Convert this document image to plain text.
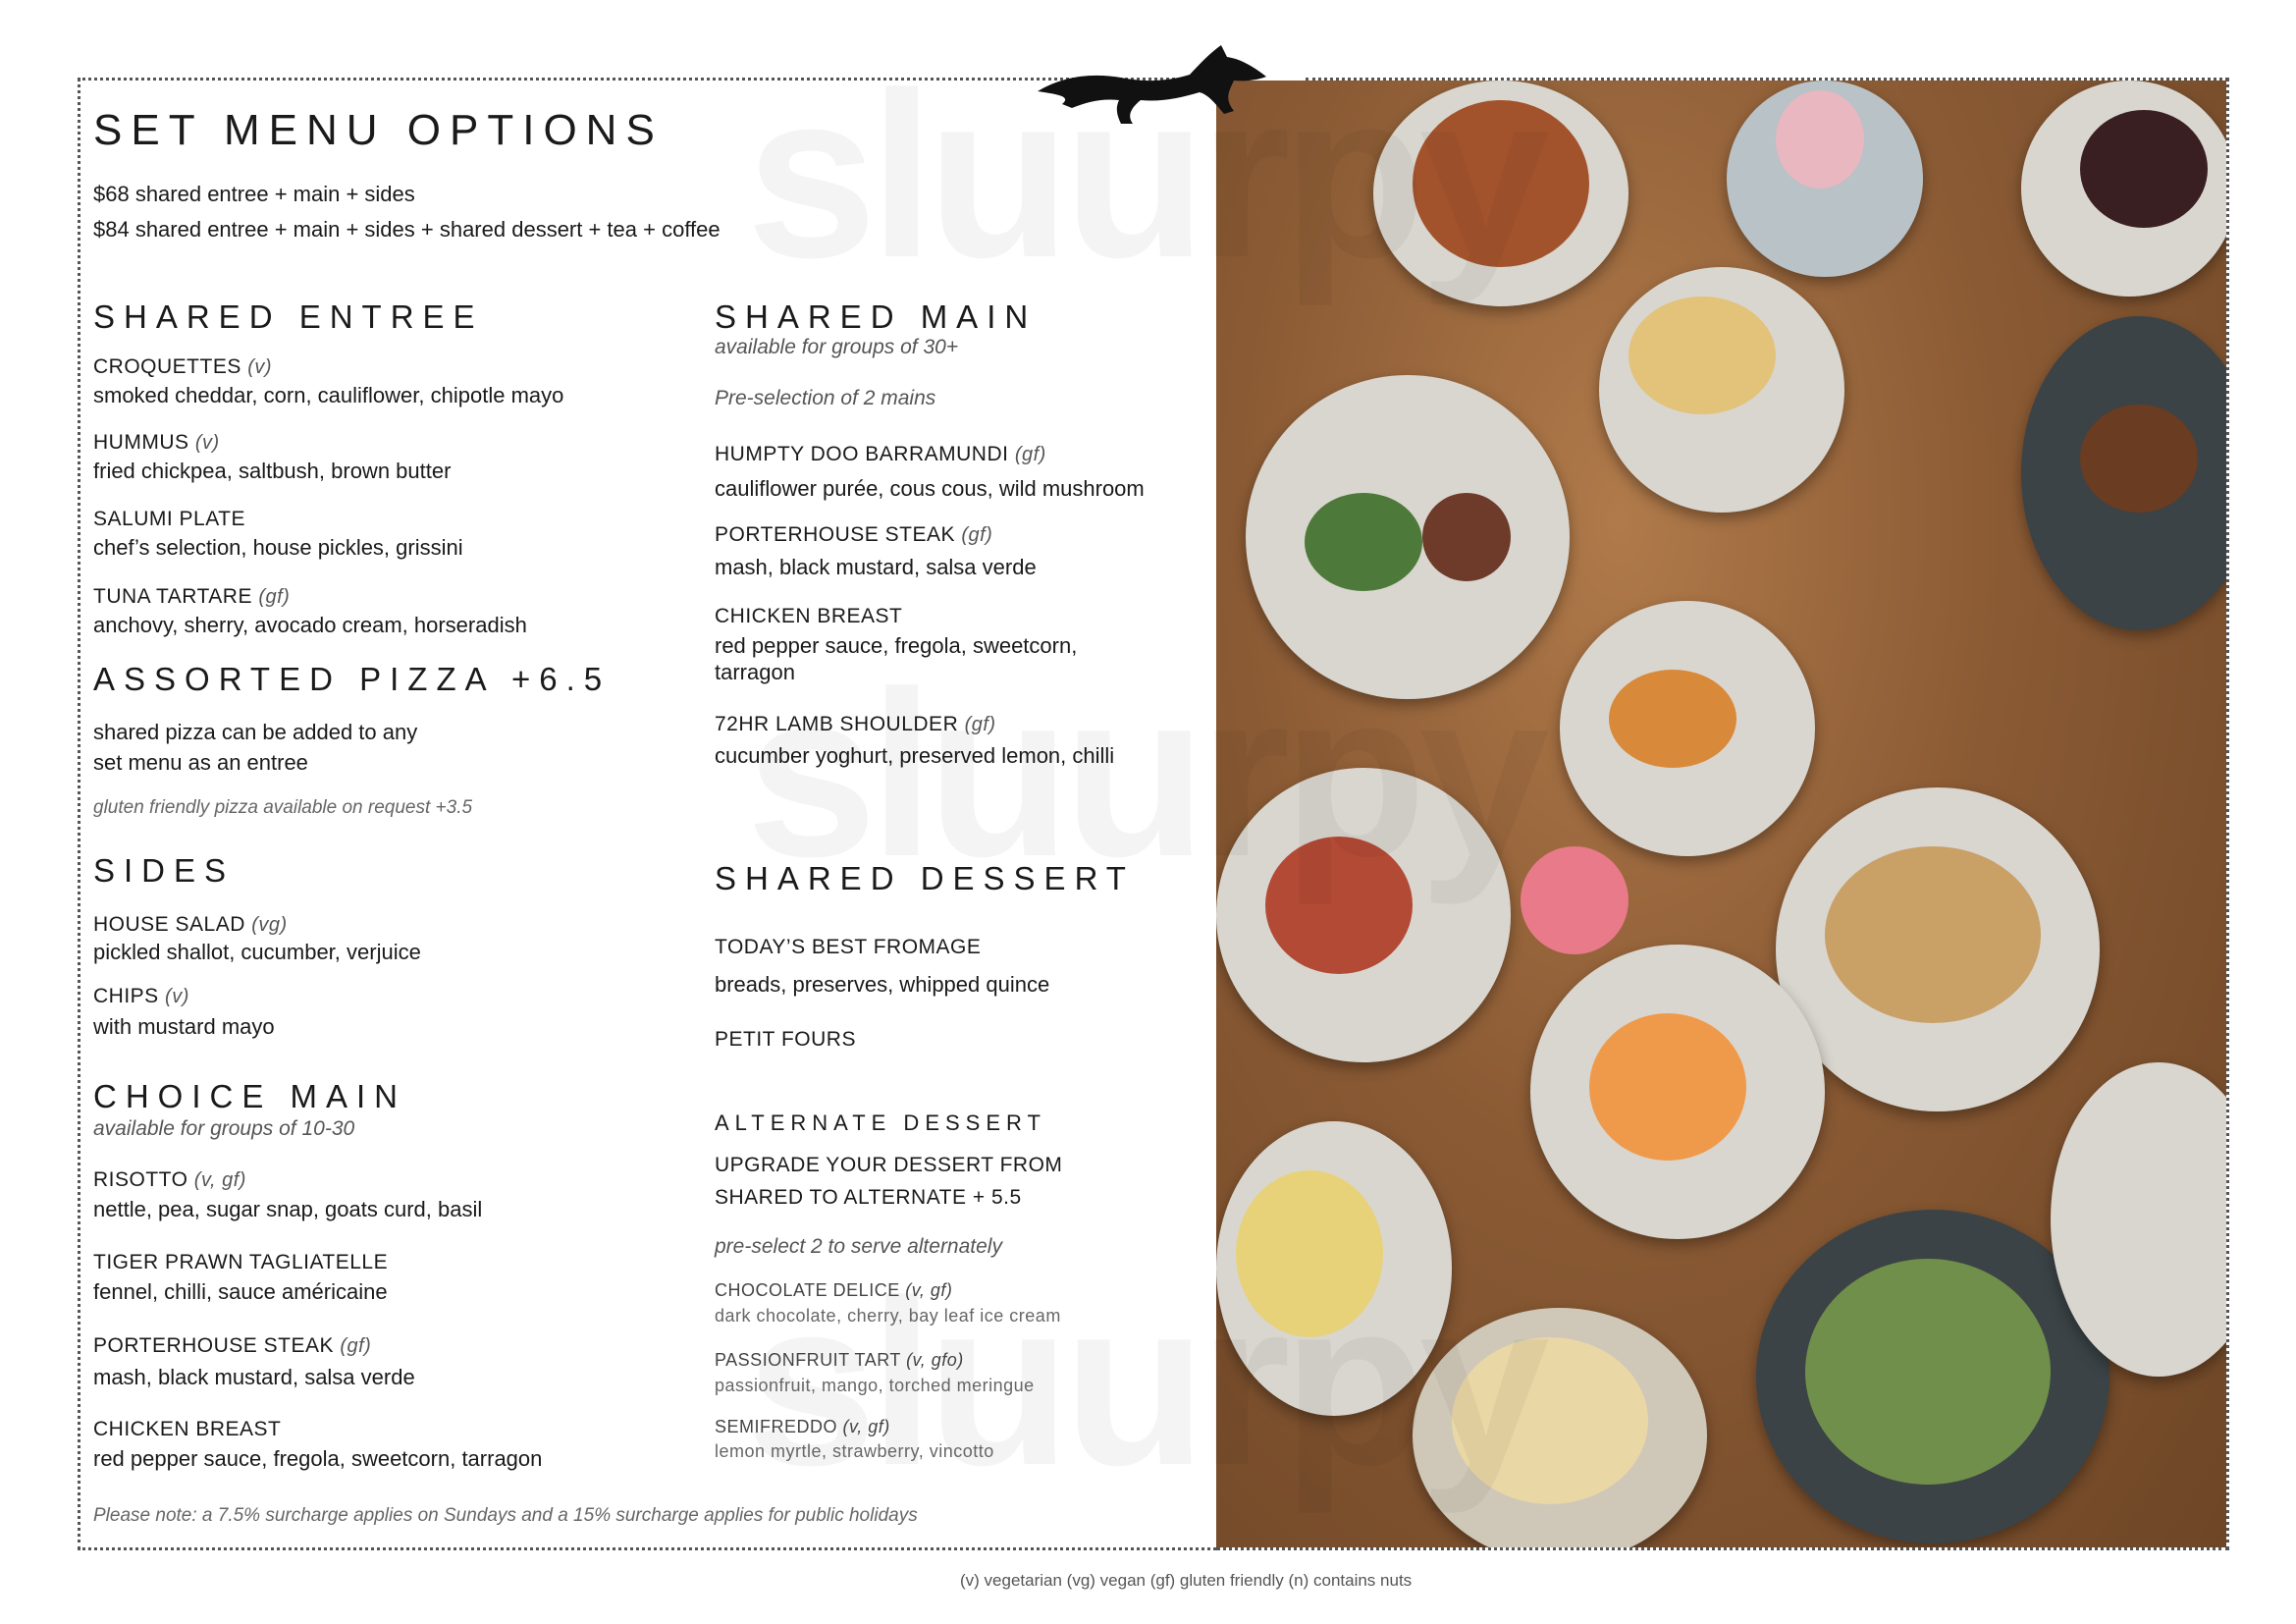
SET MENU OPTIONS
$68 shared entree + main + sides
$84 shared entree + main + sides + shared dessert + tea + coffee
SHARED ENTREE
CROQUETTES (v)
smoked cheddar, corn, cauliflower, chipotle mayo
HUMMUS (v)
fried chickpea, saltbush, brown butter
SALUMI PLATE
chef’s selection, house pickles, grissini
TUNA TARTARE (gf)
anchovy, sherry, avocado cream, horseradish
ASSORTED PIZZA +6.5
shared pizza can be added to any
set menu as an entree
gluten friendly pizza available on request +3.5
SIDES
HOUSE SALAD (vg)
pickled shallot, cucumber, verjuice
CHIPS (v)
with mustard mayo
CHOICE MAIN
available for groups of 10-30
RISOTTO (v, gf)
nettle, pea, sugar snap, goats curd, basil
TIGER PRAWN TAGLIATELLE
fennel, chilli, sauce américaine
PORTERHOUSE STEAK (gf)
mash, black mustard, salsa verde
CHICKEN BREAST
red pepper sauce, fregola, sweetcorn, tarragon
Please note: a 7.5% surcharge applies on Sundays and a 15% surcharge applies for public holidays
SHARED MAIN
available for groups of 30+
Pre-selection of 2 mains
HUMPTY DOO BARRAMUNDI (gf)
cauliflower purée, cous cous, wild mushroom
PORTERHOUSE STEAK (gf)
mash, black mustard, salsa verde
CHICKEN BREAST
red pepper sauce, fregola, sweetcorn,
tarragon
72HR LAMB SHOULDER (gf)
cucumber yoghurt, preserved lemon, chilli
SHARED DESSERT
TODAY’S BEST FROMAGE
breads, preserves, whipped quince
PETIT FOURS
ALTERNATE DESSERT
UPGRADE YOUR DESSERT FROM
SHARED TO ALTERNATE + 5.5
pre-select 2 to serve alternately
CHOCOLATE DELICE (v, gf)
dark chocolate, cherry, bay leaf ice cream
PASSIONFRUIT TART (v, gfo)
passionfruit, mango, torched meringue
SEMIFREDDO (v, gf)
lemon myrtle, strawberry, vincotto
(v) vegetarian (vg) vegan (gf) gluten friendly (n) contains nuts
